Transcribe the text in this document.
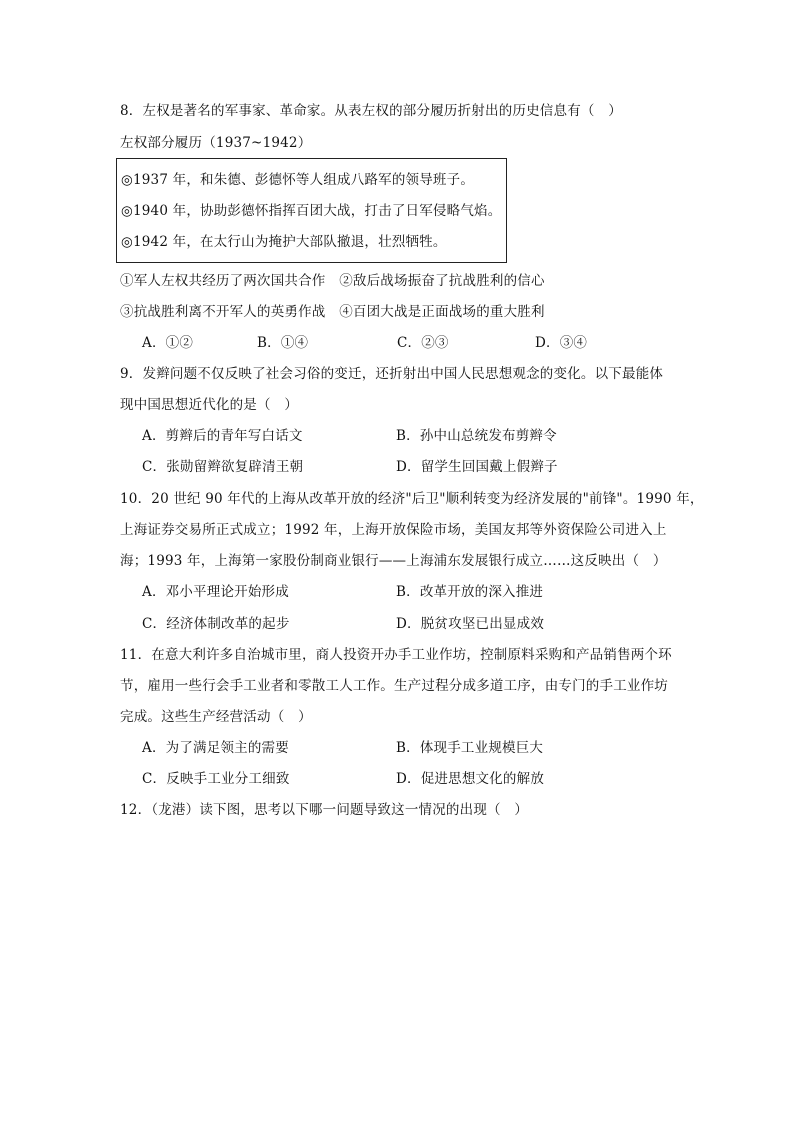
8．左权是著名的军事家、革命家。从表左权的部分履历折射出的历史信息有（　）
左权部分履历（1937~1942）
◎1937 年，和朱德、彭德怀等人组成八路军的领导班子。
◎1940 年，协助彭德怀指挥百团大战，打击了日军侵略气焰。
◎1942 年，在太行山为掩护大部队撤退，壮烈牺牲。
①军人左权共经历了两次国共合作　②敌后战场振奋了抗战胜利的信心
③抗战胜利离不开军人的英勇作战　④百团大战是正面战场的重大胜利
A．①②	B．①④	C．②③	D．③④
9．发辫问题不仅反映了社会习俗的变迁，还折射出中国人民思想观念的变化。以下最能体
现中国思想近代化的是（　）
A．剪辫后的青年写白话文	B．孙中山总统发布剪辫令
C．张勋留辫欲复辟清王朝	D．留学生回国戴上假辫子
10．20 世纪 90 年代的上海从改革开放的经济"后卫"顺利转变为经济发展的"前锋"。1990 年，
上海证券交易所正式成立；1992 年，上海开放保险市场，美国友邦等外资保险公司进入上
海；1993 年，上海第一家股份制商业银行——上海浦东发展银行成立……这反映出（　）
A．邓小平理论开始形成	B．改革开放的深入推进
C．经济体制改革的起步	D．脱贫攻坚已出显成效
11．在意大利许多自治城市里，商人投资开办手工业作坊，控制原料采购和产品销售两个环
节，雇用一些行会手工业者和零散工人工作。生产过程分成多道工序，由专门的手工业作坊
完成。这些生产经营活动（　）
A．为了满足领主的需要	B．体现手工业规模巨大
C．反映手工业分工细致	D．促进思想文化的解放
12．（龙港）读下图，思考以下哪一问题导致这一情况的出现（　）
